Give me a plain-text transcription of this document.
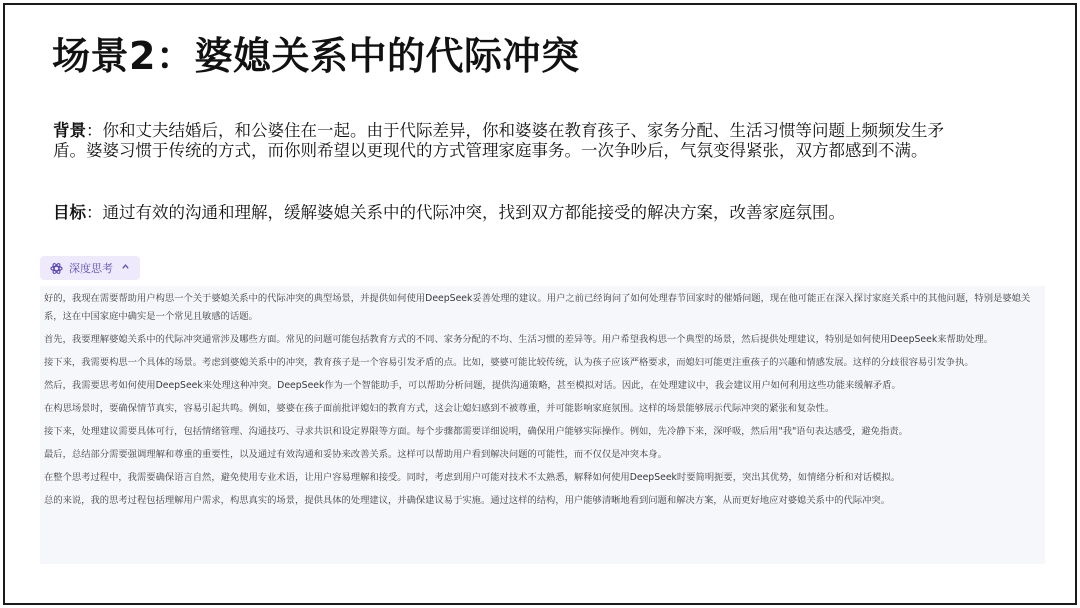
场景2：婆媳关系中的代际冲突
背景：你和丈夫结婚后，和公婆住在一起。由于代际差异，你和婆婆在教育孩子、家务分配、生活习惯等问题上频频发生矛盾。婆婆习惯于传统的方式，而你则希望以更现代的方式管理家庭事务。一次争吵后，气氛变得紧张，双方都感到不满。
目标：通过有效的沟通和理解，缓解婆媳关系中的代际冲突，找到双方都能接受的解决方案，改善家庭氛围。
深度思考

好的，我现在需要帮助用户构思一个关于婆媳关系中的代际冲突的典型场景，并提供如何使用DeepSeek妥善处理的建议。用户之前已经询问了如何处理春节回家时的催婚问题，现在他可能正在深入探讨家庭关系中的其他问题，特别是婆媳关系，这在中国家庭中确实是一个常见且敏感的话题。

首先，我要理解婆媳关系中的代际冲突通常涉及哪些方面。常见的问题可能包括教育方式的不同、家务分配的不均、生活习惯的差异等。用户希望我构思一个典型的场景，然后提供处理建议，特别是如何使用DeepSeek来帮助处理。

接下来，我需要构思一个具体的场景。考虑到婆媳关系中的冲突，教育孩子是一个容易引发矛盾的点。比如，婆婆可能比较传统，认为孩子应该严格要求，而媳妇可能更注重孩子的兴趣和情感发展。这样的分歧很容易引发争执。

然后，我需要思考如何使用DeepSeek来处理这种冲突。DeepSeek作为一个智能助手，可以帮助分析问题，提供沟通策略，甚至模拟对话。因此，在处理建议中，我会建议用户如何利用这些功能来缓解矛盾。

在构思场景时，要确保情节真实，容易引起共鸣。例如，婆婆在孩子面前批评媳妇的教育方式，这会让媳妇感到不被尊重，并可能影响家庭氛围。这样的场景能够展示代际冲突的紧张和复杂性。

接下来，处理建议需要具体可行，包括情绪管理、沟通技巧、寻求共识和设定界限等方面。每个步骤都需要详细说明，确保用户能够实际操作。例如，先冷静下来，深呼吸，然后用"我"语句表达感受，避免指责。

最后，总结部分需要强调理解和尊重的重要性，以及通过有效沟通和妥协来改善关系。这样可以帮助用户看到解决问题的可能性，而不仅仅是冲突本身。

在整个思考过程中，我需要确保语言自然，避免使用专业术语，让用户容易理解和接受。同时，考虑到用户可能对技术不太熟悉，解释如何使用DeepSeek时要简明扼要，突出其优势，如情绪分析和对话模拟。

总的来说，我的思考过程包括理解用户需求，构思真实的场景，提供具体的处理建议，并确保建议易于实施。通过这样的结构，用户能够清晰地看到问题和解决方案，从而更好地应对婆媳关系中的代际冲突。
